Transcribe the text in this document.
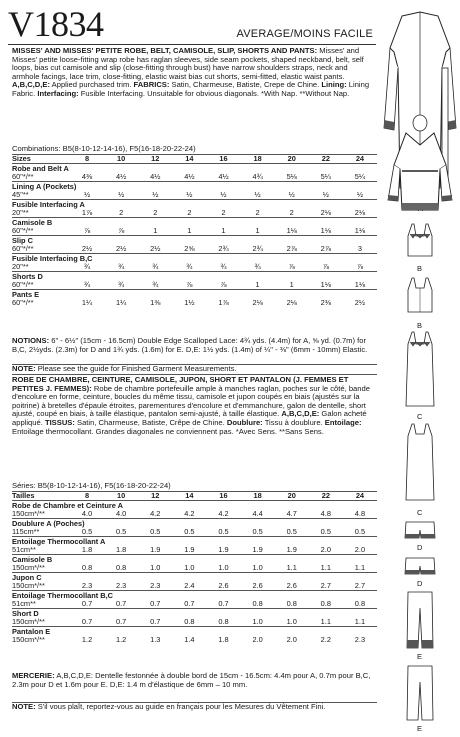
V1834	AVERAGE/MOINS FACILE
MISSES' AND MISSES' PETITE ROBE, BELT, CAMISOLE, SLIP, SHORTS AND PANTS: Misses' and Misses' petite loose-fitting wrap robe has raglan sleeves, side seam pockets, shaped neckband, belt, self loops, bias cut camisole and slip (close-fitting through bust) have narrow shoulders straps, neck and armhole facings, lace trim, close-fitting, elastic waist bias cut shorts, semi-fitted, elastic waist pants. A,B,C,D,E: Applied purchased trim. FABRICS: Satin, Charmeuse, Batiste, Crepe de Chine. Lining: Lining Fabric. Interfacing: Fusible Interfacing. Unsuitable for obvious diagonals. *With Nap. **Without Nap.
Combinations: B5(8-10-12-14-16), F5(16-18-20-22-24)
Sizes	8	10	12	14	16	18	20	22	24
Robe and Belt A									
60"*/**	4⅜	4½	4½	4½	4½	4¾	5⅛	5¼	5¼
Lining A (Pockets)									
45"**	½	½	½	½	½	½	½	½	½
Fusible Interfacing A									
20"**	1⅞	2	2	2	2	2	2	2⅛	2⅛
Camisole B									
60"*/**	⅞	⅞	1	1	1	1	1⅛	1⅛	1⅛
Slip C									
60"*/**	2½	2½	2½	2⅝	2¾	2¾	2⅞	2⅞	3
Fusible Interfacing B,C									
20"**	¾	¾	¾	¾	¾	¾	⅞	⅞	⅞
Shorts D									
60"*/**	¾	¾	¾	⅞	⅞	1	1	1⅛	1⅛
Pants E									
60"*/**	1¼	1¼	1⅜	1½	1⅞	2⅛	2⅛	2⅜	2½
NOTIONS: 6" - 6½" (15cm - 16.5cm) Double Edge Scalloped Lace: 4¾ yds. (4.4m) for A, ⅝ yd. (0.7m) for B,C, 2½yds. (2.3m) for D and 1¾ yds. (1.6m) for E. D,E: 1½ yds. (1.4m) of ¼" - ⅜" (6mm - 10mm) Elastic.
NOTE: Please see the guide for Finished Garment Measurements.
ROBE DE CHAMBRE, CEINTURE, CAMISOLE, JUPON, SHORT ET PANTALON (J. FEMMES ET PETITES J. FEMMES): Robe de chambre portefeuille ample à manches raglan, poches sur le côté, bande d'encolure en forme, ceinture, boucles du même tissu, camisole et jupon coupés en biais (ajustés sur la poitrine) à bretelles d'épaule étroites, parementures d'encolure et d'emmanchure, galon de dentelle, short ajusté, coupé en biais, à taille élastique, pantalon semi-ajusté, à taille élastique. A,B,C,D,E: Galon acheté appliqué. TISSUS: Satin, Charmeuse, Batiste, Crêpe de Chine. Doublure: Tissu à doublure. Entoilage: Entoilage thermocollant. Grandes diagonales ne conviennent pas. *Avec Sens. **Sans Sens.
Séries: B5(8-10-12-14-16), F5(16-18-20-22-24)
Tailles	8	10	12	14	16	18	20	22	24
Robe de Chambre et Ceinture A									
150cm*/**	4.0	4.0	4.2	4.2	4.2	4.4	4.7	4.8	4.8
Doublure A (Poches)									
115cm**	0.5	0.5	0.5	0.5	0.5	0.5	0.5	0.5	0.5
Entoilage Thermocollant A									
51cm**	1.8	1.8	1.9	1.9	1.9	1.9	1.9	2.0	2.0
Camisole B									
150cm*/**	0.8	0.8	1.0	1.0	1.0	1.0	1.1	1.1	1.1
Jupon C									
150cm*/**	2.3	2.3	2.3	2.4	2.6	2.6	2.6	2.7	2.7
Entoilage Thermocollant B,C									
51cm**	0.7	0.7	0.7	0.7	0.7	0.8	0.8	0.8	0.8
Short D									
150cm*/**	0.7	0.7	0.7	0.8	0.8	1.0	1.0	1.1	1.1
Pantalon E									
150cm*/**	1.2	1.2	1.3	1.4	1.8	2.0	2.0	2.2	2.3
MERCERIE: A,B,C,D,E: Dentelle festonnée à double bord de 15cm - 16.5cm: 4.4m pour A, 0.7m pour B,C, 2.3m pour D et 1.6m pour E. D,E: 1.4 m d'élastique de 6mm – 10 mm.
NOTE: S'il vous plaît, reportez-vous au guide en français pour les Mesures du Vêtement Fini.
B
B
C
C
D
D
E
E
